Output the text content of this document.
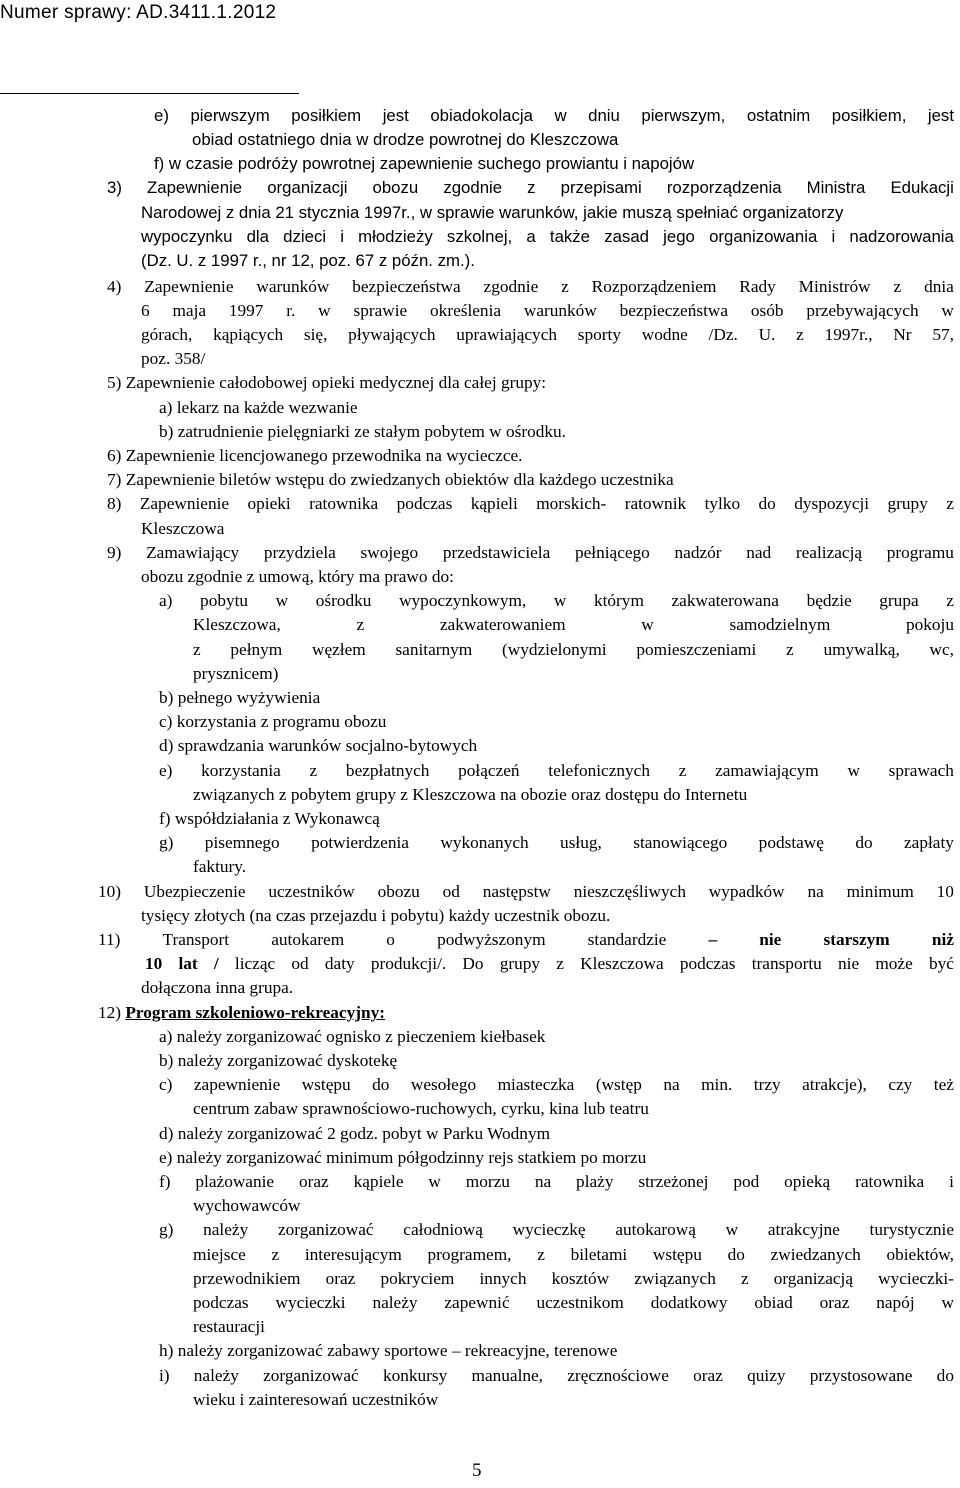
Numer sprawy: AD.3411.1.2012
e) pierwszym posiłkiem jest obiadokolacja w dniu pierwszym, ostatnim posiłkiem, jest
obiad ostatniego dnia w drodze powrotnej do Kleszczowa
f) w czasie podróży powrotnej zapewnienie suchego prowiantu i napojów
3) Zapewnienie organizacji obozu zgodnie z przepisami rozporządzenia Ministra Edukacji
Narodowej z dnia 21 stycznia 1997r., w sprawie warunków, jakie muszą spełniać organizatorzy
wypoczynku dla dzieci i młodzieży szkolnej, a także zasad jego organizowania i nadzorowania
(Dz. U. z 1997 r., nr 12, poz. 67 z późn. zm.).
4) Zapewnienie warunków bezpieczeństwa zgodnie z Rozporządzeniem Rady Ministrów z dnia
6 maja 1997 r. w sprawie określenia warunków bezpieczeństwa osób przebywających w
górach, kąpiących się, pływających uprawiających sporty wodne /Dz. U. z 1997r., Nr 57,
poz. 358/
5) Zapewnienie całodobowej opieki medycznej dla całej grupy:
a) lekarz na każde wezwanie
b) zatrudnienie pielęgniarki ze stałym pobytem w ośrodku.
6) Zapewnienie licencjowanego przewodnika na wycieczce.
7) Zapewnienie biletów wstępu do zwiedzanych obiektów dla każdego uczestnika
8) Zapewnienie opieki ratownika podczas kąpieli morskich- ratownik tylko do dyspozycji grupy z
Kleszczowa
9) Zamawiający przydziela swojego przedstawiciela pełniącego nadzór nad realizacją programu
obozu zgodnie z umową, który ma prawo do:
a) pobytu w ośrodku wypoczynkowym, w którym zakwaterowana będzie grupa z
Kleszczowa,	z	zakwaterowaniem	w	samodzielnym	pokoju
z pełnym węzłem sanitarnym (wydzielonymi pomieszczeniami z umywalką, wc,
prysznicem)
b) pełnego wyżywienia
c) korzystania z programu obozu
d) sprawdzania warunków socjalno-bytowych
e) korzystania z bezpłatnych połączeń telefonicznych z zamawiającym w sprawach
związanych z pobytem grupy z Kleszczowa na obozie oraz dostępu do Internetu
f) współdziałania z Wykonawcą
g) pisemnego potwierdzenia wykonanych usług, stanowiącego podstawę do zapłaty
faktury.
10) Ubezpieczenie uczestników obozu od następstw nieszczęśliwych wypadków na minimum 10
tysięcy złotych (na czas przejazdu i pobytu) każdy uczestnik obozu.
11) Transport autokarem o podwyższonym standardzie – nie starszym niż
10 lat / licząc od daty produkcji/. Do grupy z Kleszczowa podczas transportu nie może być
dołączona inna grupa.
12) Program szkoleniowo-rekreacyjny:
a) należy zorganizować ognisko z pieczeniem kiełbasek
b) należy zorganizować dyskotekę
c) zapewnienie wstępu do wesołego miasteczka (wstęp na min. trzy atrakcje), czy też
centrum zabaw sprawnościowo-ruchowych, cyrku, kina lub teatru
d) należy zorganizować 2 godz. pobyt w Parku Wodnym
e) należy zorganizować minimum półgodzinny rejs statkiem po morzu
f) plażowanie oraz kąpiele w morzu na plaży strzeżonej pod opieką ratownika i
wychowawców
g) należy zorganizować całodniową wycieczkę autokarową w atrakcyjne turystycznie
miejsce z interesującym programem, z biletami wstępu do zwiedzanych obiektów,
przewodnikiem oraz pokryciem innych kosztów związanych z organizacją wycieczki-
podczas wycieczki należy zapewnić uczestnikom dodatkowy obiad oraz napój w
restauracji
h) należy zorganizować zabawy sportowe – rekreacyjne, terenowe
i) należy zorganizować konkursy manualne, zręcznościowe oraz quizy przystosowane do
wieku i zainteresowań uczestników
5
